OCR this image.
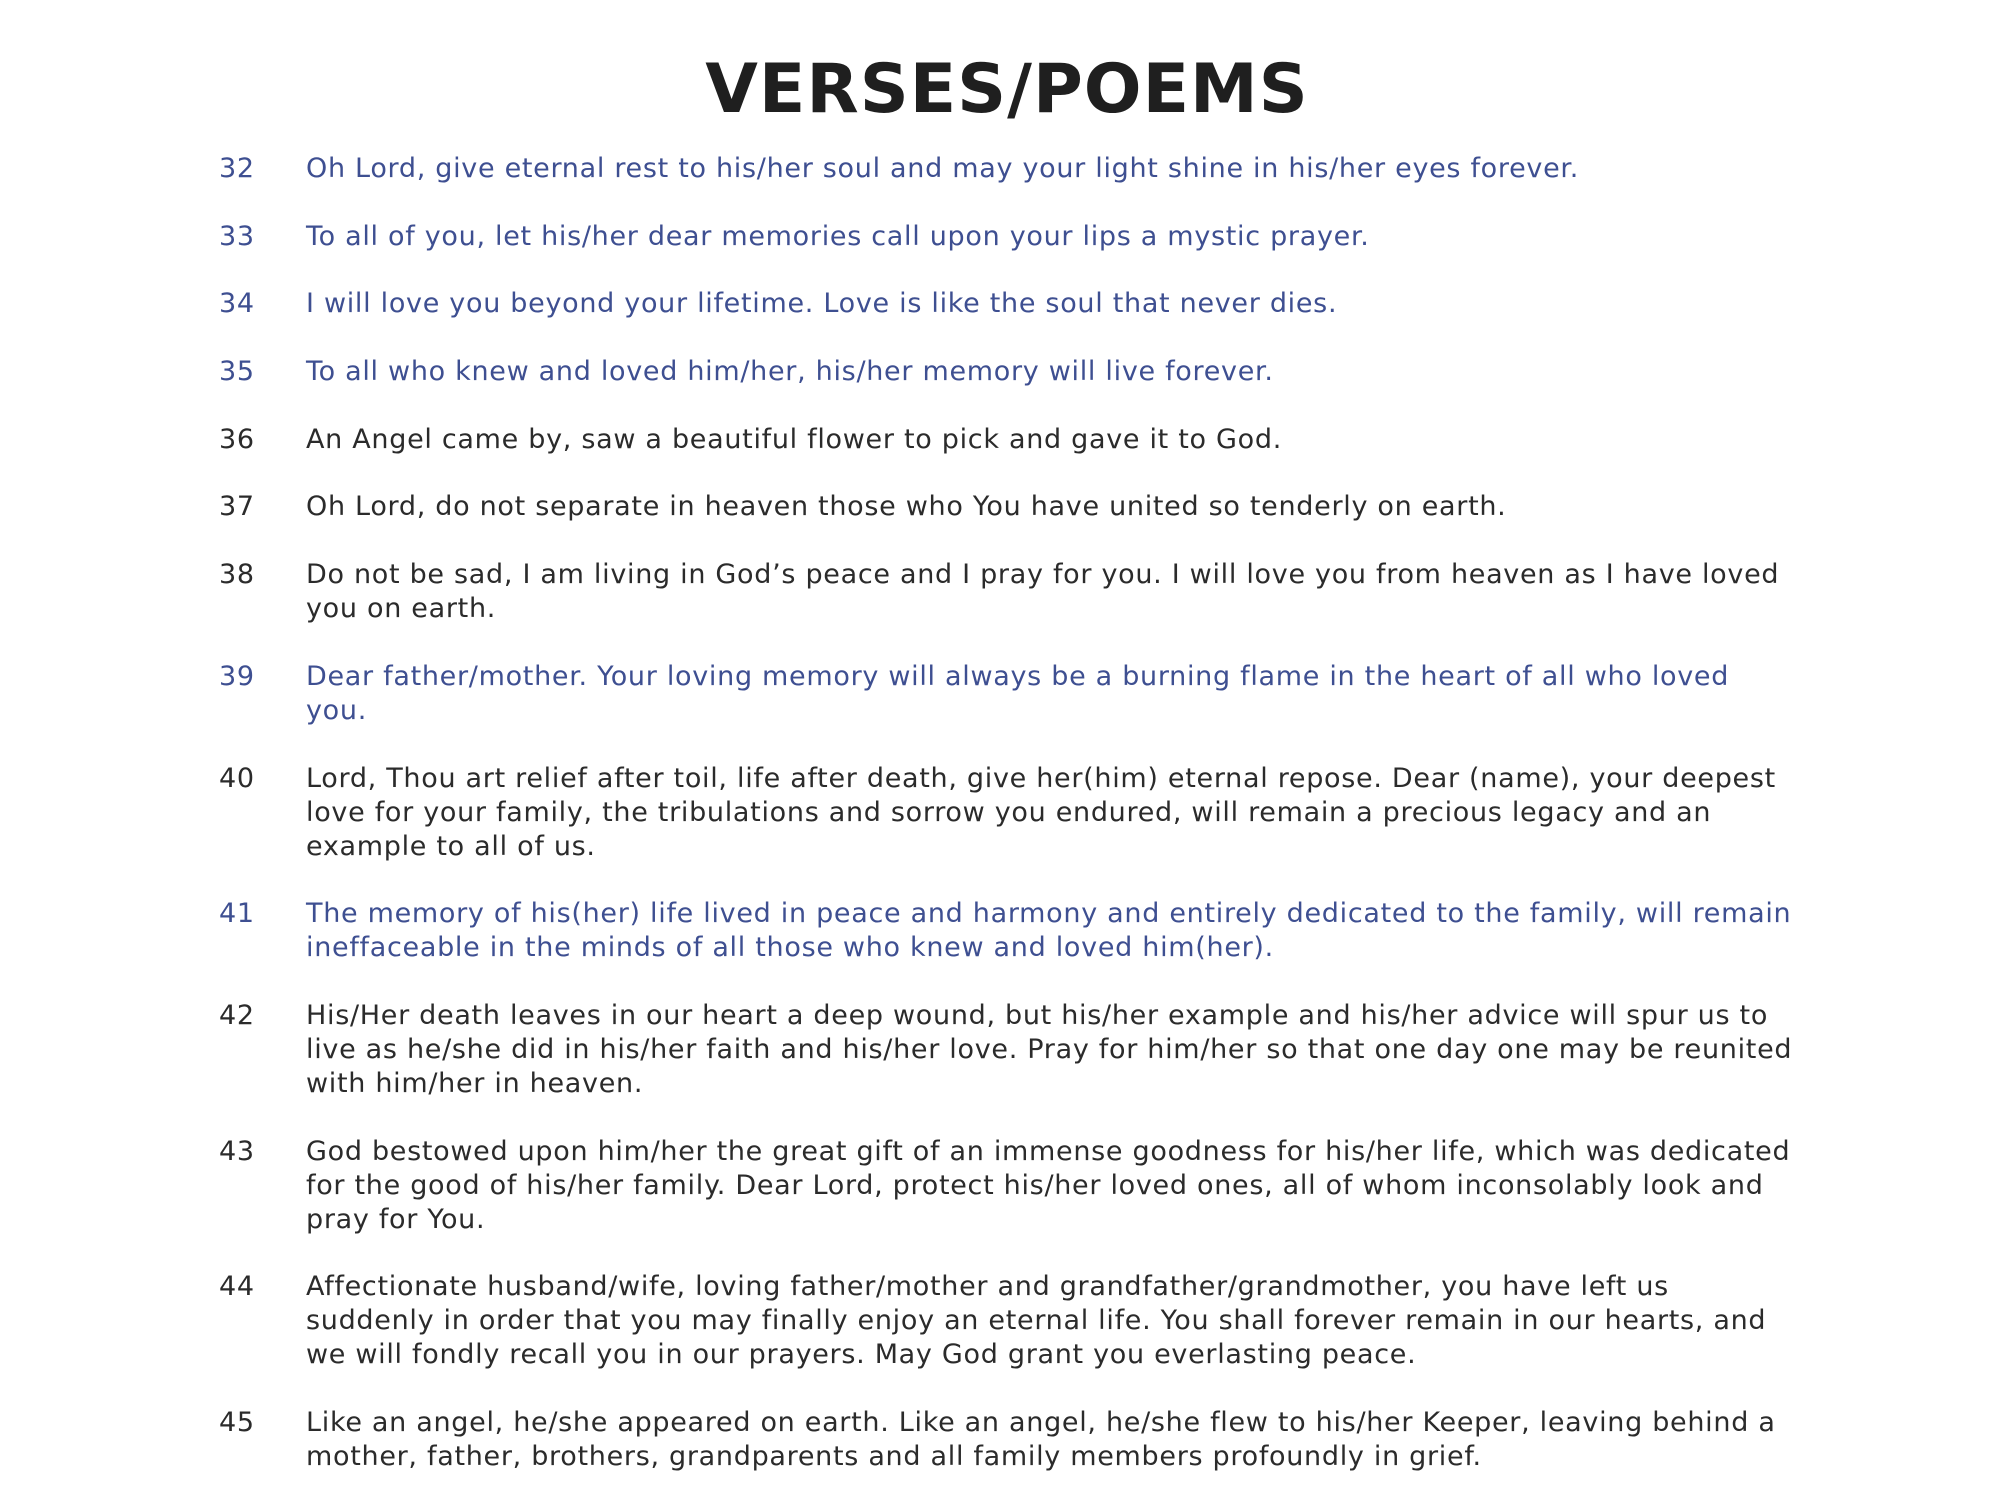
VERSES/POEMS
32	Oh Lord, give eternal rest to his/her soul and may your light shine in his/her eyes forever.
33	To all of you, let his/her dear memories call upon your lips a mystic prayer.
34	I will love you beyond your lifetime. Love is like the soul that never dies.
35	To all who knew and loved him/her, his/her memory will live forever.
36	An Angel came by, saw a beautiful flower to pick and gave it to God.
37	Oh Lord, do not separate in heaven those who You have united so tenderly on earth.
38	Do not be sad, I am living in God’s peace and I pray for you. I will love you from heaven as I have loved you on earth.
39	Dear father/mother. Your loving memory will always be a burning flame in the heart of all who loved you.
40	Lord, Thou art relief after toil, life after death, give her(him) eternal repose. Dear (name), your deepest love for your family, the tribulations and sorrow you endured, will remain a precious legacy and an example to all of us.
41	The memory of his(her) life lived in peace and harmony and entirely dedicated to the family, will remain ineffaceable in the minds of all those who knew and loved him(her).
42	His/Her death leaves in our heart a deep wound, but his/her example and his/her advice will spur us to live as he/she did in his/her faith and his/her love. Pray for him/her so that one day one may be reunited with him/her in heaven.
43	God bestowed upon him/her the great gift of an immense goodness for his/her life, which was dedicated for the good of his/her family. Dear Lord, protect his/her loved ones, all of whom inconsolably look and pray for You.
44	Affectionate husband/wife, loving father/mother and grandfather/grandmother, you have left us suddenly in order that you may finally enjoy an eternal life. You shall forever remain in our hearts, and we will fondly recall you in our prayers. May God grant you everlasting peace.
45	Like an angel, he/she appeared on earth. Like an angel, he/she flew to his/her Keeper, leaving behind a mother, father, brothers, grandparents and all family members profoundly in grief.
